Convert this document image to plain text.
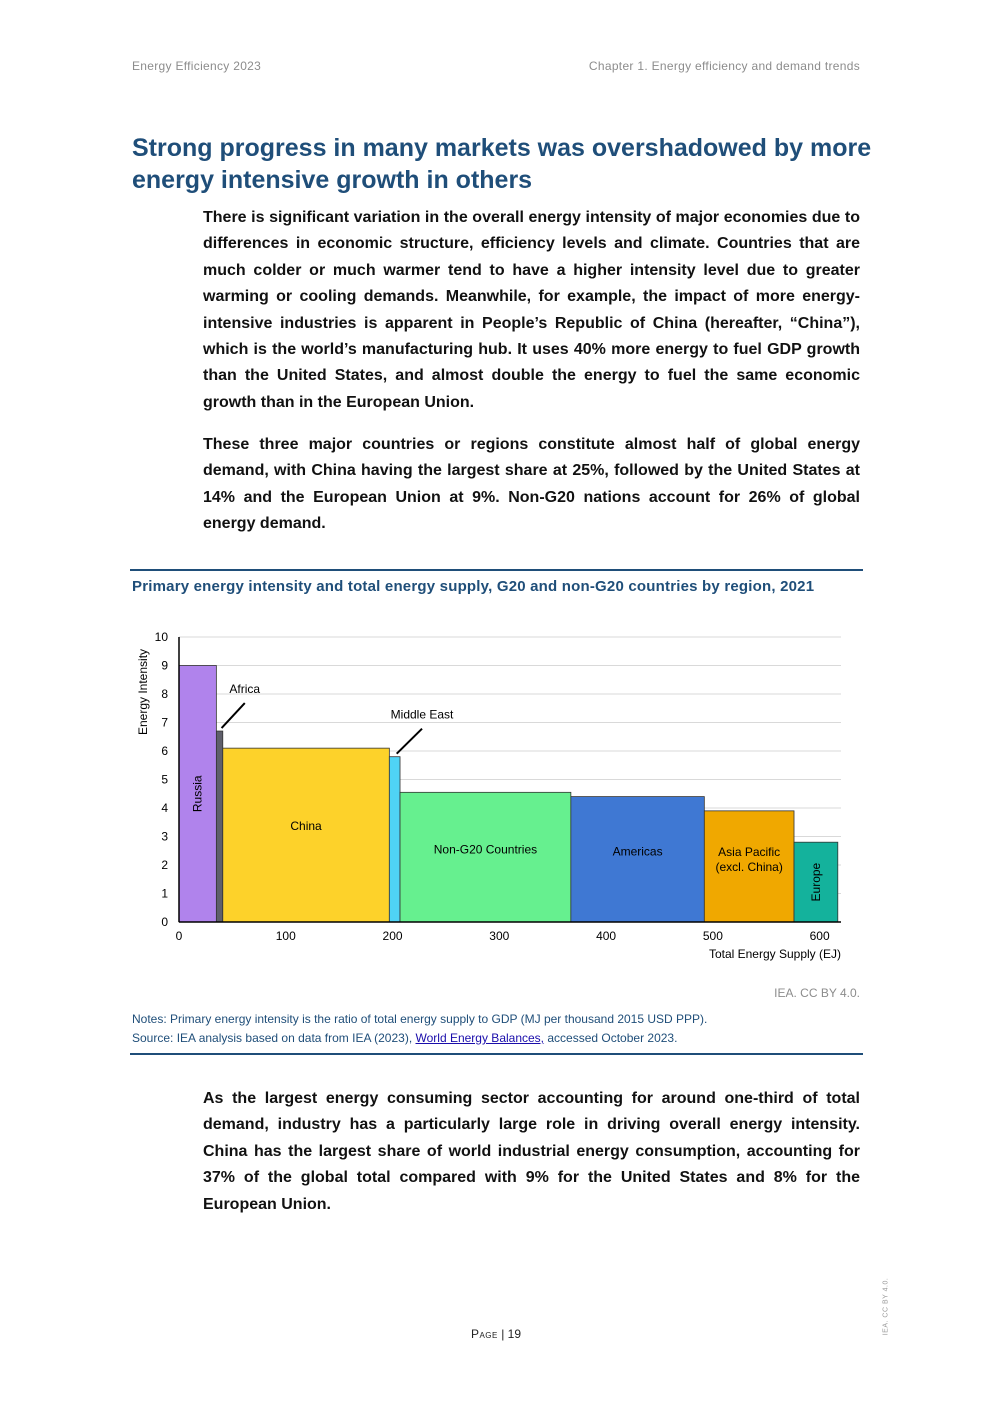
Energy Efficiency 2023	Chapter 1. Energy efficiency and demand trends
Strong progress in many markets was overshadowed by more energy intensive growth in others

There is significant variation in the overall energy intensity of major economies due to differences in economic structure, efficiency levels and climate. Countries that are much colder or much warmer tend to have a higher intensity level due to greater warming or cooling demands. Meanwhile, for example, the impact of more energy-intensive industries is apparent in People’s Republic of China (hereafter, “China”), which is the world’s manufacturing hub. It uses 40% more energy to fuel GDP growth than the United States, and almost double the energy to fuel the same economic growth than in the European Union.

These three major countries or regions constitute almost half of global energy demand, with China having the largest share at 25%, followed by the United States at 14% and the European Union at 9%. Non-G20 nations account for 26% of global energy demand.

Primary energy intensity and total energy supply, G20 and non-G20 countries by region, 2021

0
1
2
3
4
5
6
7
8
9
10
Russia
Africa
China
Middle East
Non-G20 Countries	Americas	Asia Pacific (excl. China) Europe
0	100	200	300	400	500	600
Total Energy Supply (EJ)
Energy Intensity
IEA. CC BY 4.0.
Notes: Primary energy intensity is the ratio of total energy supply to GDP (MJ per thousand 2015 USD PPP).
Source: IEA analysis based on data from IEA (2023), World Energy Balances, accessed October 2023.

As the largest energy consuming sector accounting for around one-third of total demand, industry has a particularly large role in driving overall energy intensity. China has the largest share of world industrial energy consumption, accounting for 37% of the global total compared with 9% for the United States and 8% for the European Union.

Page | 19	IEA. CC BY 4.0.
